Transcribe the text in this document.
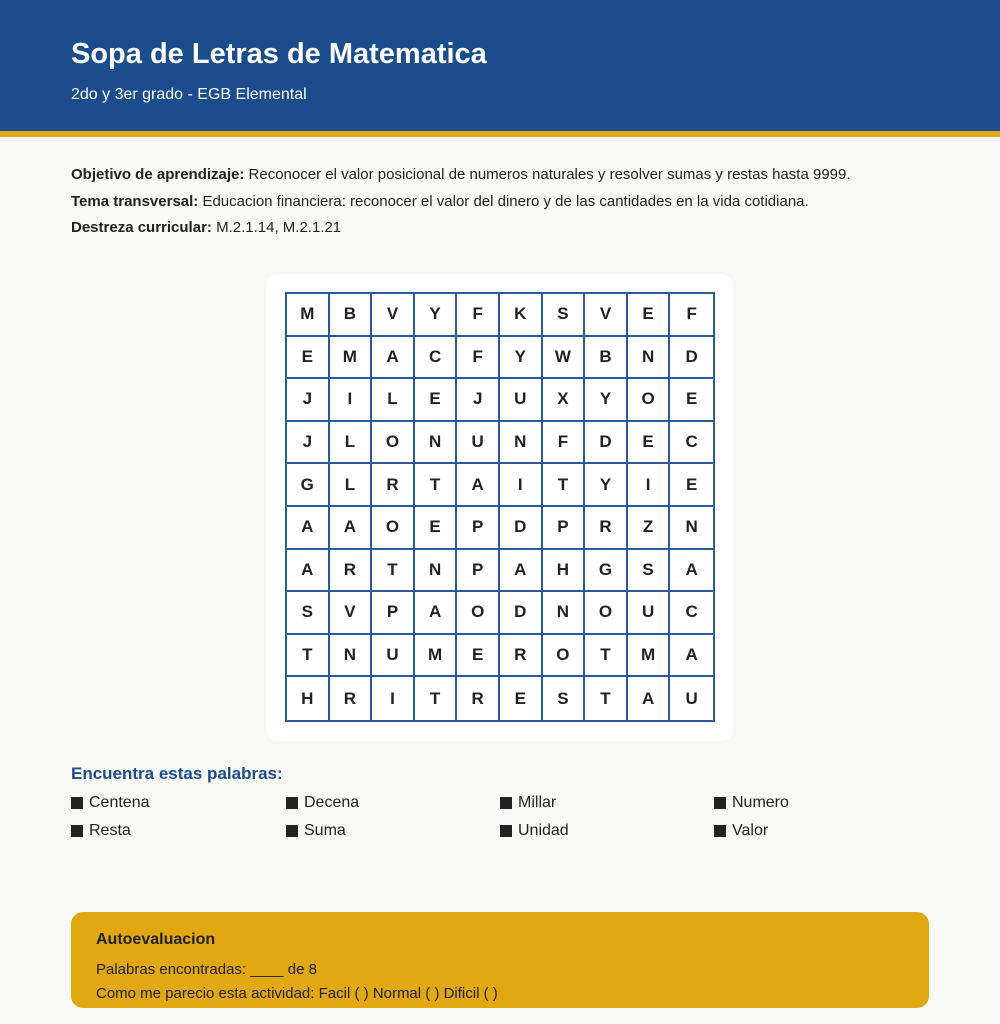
Sopa de Letras de Matematica
2do y 3er grado - EGB Elemental
Objetivo de aprendizaje: Reconocer el valor posicional de numeros naturales y resolver sumas y restas hasta 9999.
Tema transversal: Educacion financiera: reconocer el valor del dinero y de las cantidades en la vida cotidiana.
Destreza curricular: M.2.1.14, M.2.1.21
M	B	V	Y	F	K	S	V	E	F
E	M	A	C	F	Y	W	B	N	D
J	I	L	E	J	U	X	Y	O	E
J	L	O	N	U	N	F	D	E	C
G	L	R	T	A	I	T	Y	I	E
A	A	O	E	P	D	P	R	Z	N
A	R	T	N	P	A	H	G	S	A
S	V	P	A	O	D	N	O	U	C
T	N	U	M	E	R	O	T	M	A
H	R	I	T	R	E	S	T	A	U
Encuentra estas palabras:
Centena	Decena	Millar	Numero
Resta	Suma	Unidad	Valor
Autoevaluacion
Palabras encontradas: ____ de 8
Como me parecio esta actividad: Facil ( ) Normal ( ) Dificil ( )
